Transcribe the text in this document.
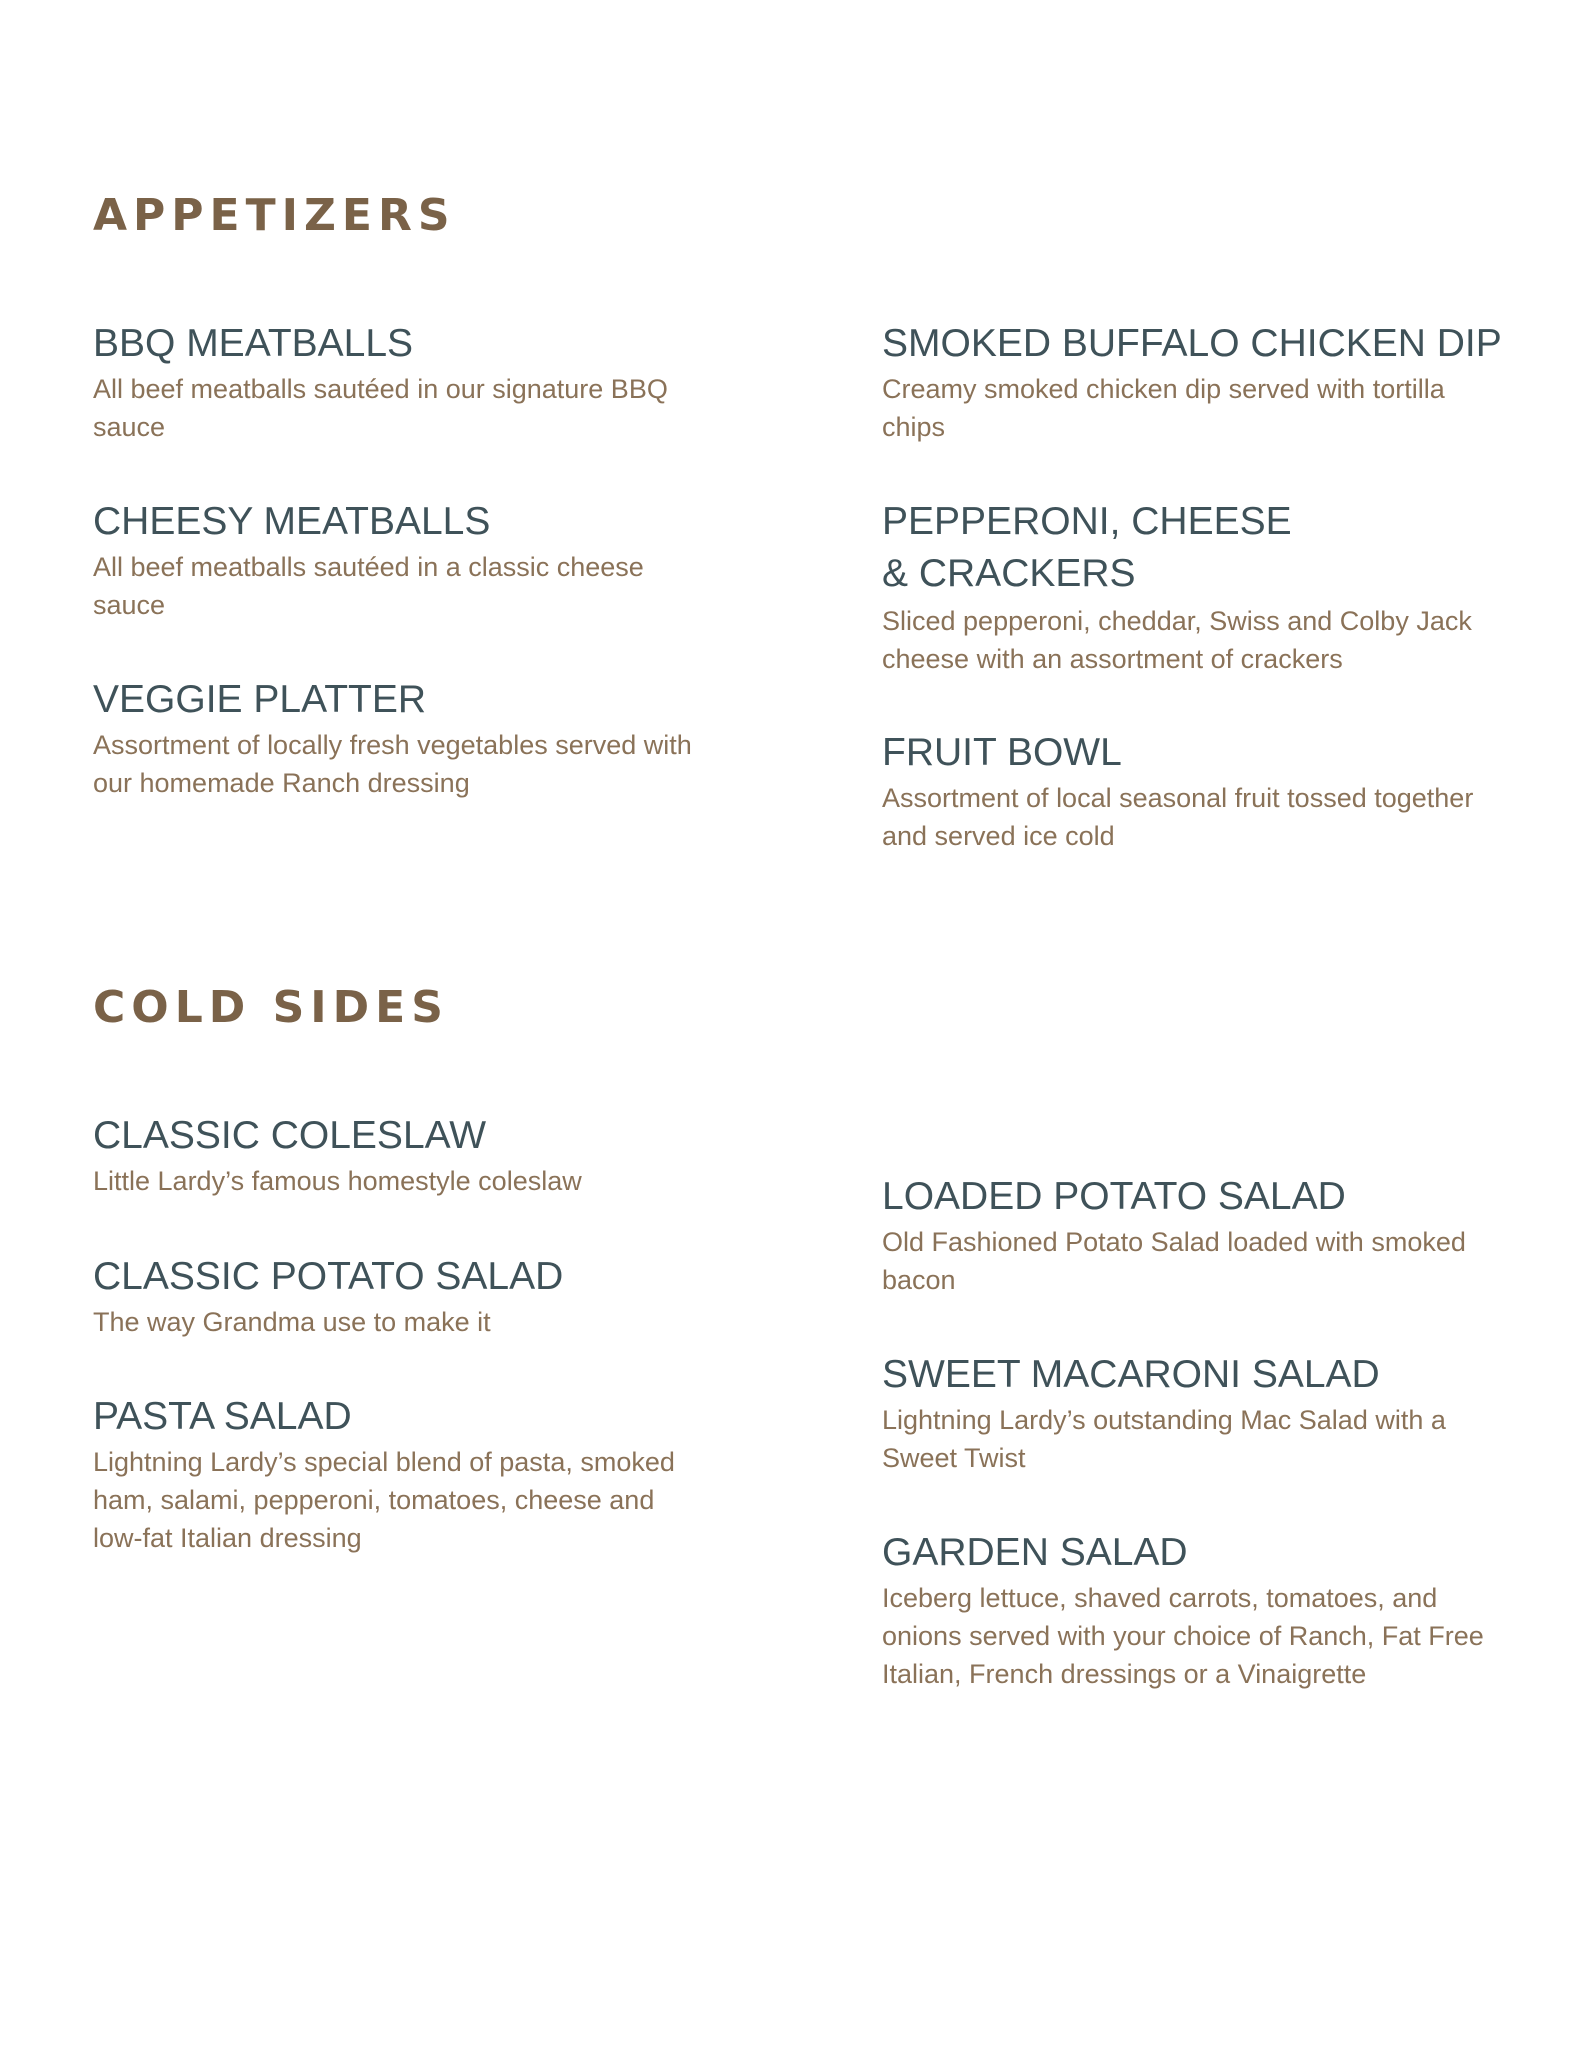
APPETIZERS
BBQ MEATBALLS
All beef meatballs sautéed in our signature BBQ sauce
CHEESY MEATBALLS
All beef meatballs sautéed in a classic cheese sauce
VEGGIE PLATTER
Assortment of locally fresh vegetables served with our homemade Ranch dressing
SMOKED BUFFALO CHICKEN DIP
Creamy smoked chicken dip served with tortilla chips
PEPPERONI, CHEESE & CRACKERS
Sliced pepperoni, cheddar, Swiss and Colby Jack cheese with an assortment of crackers
FRUIT BOWL
Assortment of local seasonal fruit tossed together and served ice cold
COLD SIDES
CLASSIC COLESLAW
Little Lardy’s famous homestyle coleslaw
CLASSIC POTATO SALAD
The way Grandma use to make it
PASTA SALAD
Lightning Lardy’s special blend of pasta, smoked ham, salami, pepperoni, tomatoes, cheese and low-fat Italian dressing
LOADED POTATO SALAD
Old Fashioned Potato Salad loaded with smoked bacon
SWEET MACARONI SALAD
Lightning Lardy’s outstanding Mac Salad with a Sweet Twist
GARDEN SALAD
Iceberg lettuce, shaved carrots, tomatoes, and onions served with your choice of Ranch, Fat Free Italian, French dressings or a Vinaigrette
